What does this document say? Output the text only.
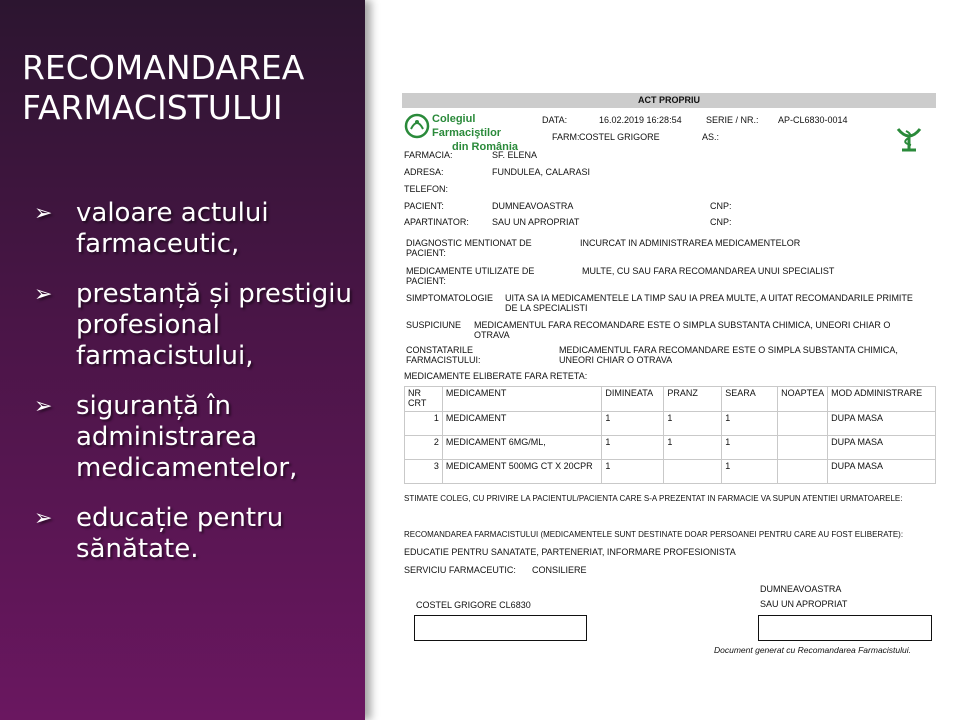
RECOMANDAREA FARMACISTULUI
➢ valoare actului farmaceutic,
➢ prestanță și prestigiu profesional farmacistului,
➢ siguranță în administrarea medicamentelor,
➢ educație pentru sănătate.
ACT PROPRIU
Colegiul Farmaciştilor
din România
DATA:	16.02.2019 16:28:54	SERIE / NR.: AP-CL6830-0014
FARM: COSTEL GRIGORE	AS.:
FARMACIA:	SF. ELENA
ADRESA:	FUNDULEA, CALARASI
TELEFON:
PACIENT:	DUMNEAVOASTRA	CNP:
APARTINATOR:	SAU UN APROPRIAT	CNP:
DIAGNOSTIC MENTIONAT DE
PACIENT:
INCURCAT IN ADMINISTRAREA MEDICAMENTELOR
MEDICAMENTE UTILIZATE DE
PACIENT:
MULTE, CU SAU FARA RECOMANDAREA UNUI SPECIALIST
SIMPTOMATOLOGIE UITA SA IA MEDICAMENTELE LA TIMP SAU IA PREA MULTE, A UITAT RECOMANDARILE PRIMITE
DE LA SPECIALISTI
SUSPICIUNE MEDICAMENTUL FARA RECOMANDARE ESTE O SIMPLA SUBSTANTA CHIMICA, UNEORI CHIAR O
OTRAVA
CONSTATARILE
FARMACISTULUI:
MEDICAMENTUL FARA RECOMANDARE ESTE O SIMPLA SUBSTANTA CHIMICA,
UNEORI CHIAR O OTRAVA
MEDICAMENTE ELIBERATE FARA RETETA:
NR CRT	MEDICAMENT	DIMINEATA	PRANZ	SEARA	NOAPTEA	MOD ADMINISTRARE
1	MEDICAMENT	1	1	1		DUPA MASA
2	MEDICAMENT 6MG/ML,	1	1	1		DUPA MASA
3	MEDICAMENT 500MG CT X 20CPR	1		1		DUPA MASA
STIMATE COLEG, CU PRIVIRE LA PACIENTUL/PACIENTA CARE S-A PREZENTAT IN FARMACIE VA SUPUN ATENTIEI URMATOARELE:
RECOMANDAREA FARMACISTULUI (MEDICAMENTELE SUNT DESTINATE DOAR PERSOANEI PENTRU CARE AU FOST ELIBERATE):
EDUCATIE PENTRU SANATATE, PARTENERIAT, INFORMARE PROFESIONISTA
SERVICIU FARMACEUTIC: CONSILIERE
DUMNEAVOASTRA
SAU UN APROPRIAT
COSTEL GRIGORE CL6830
Document generat cu Recomandarea Farmacistului.
